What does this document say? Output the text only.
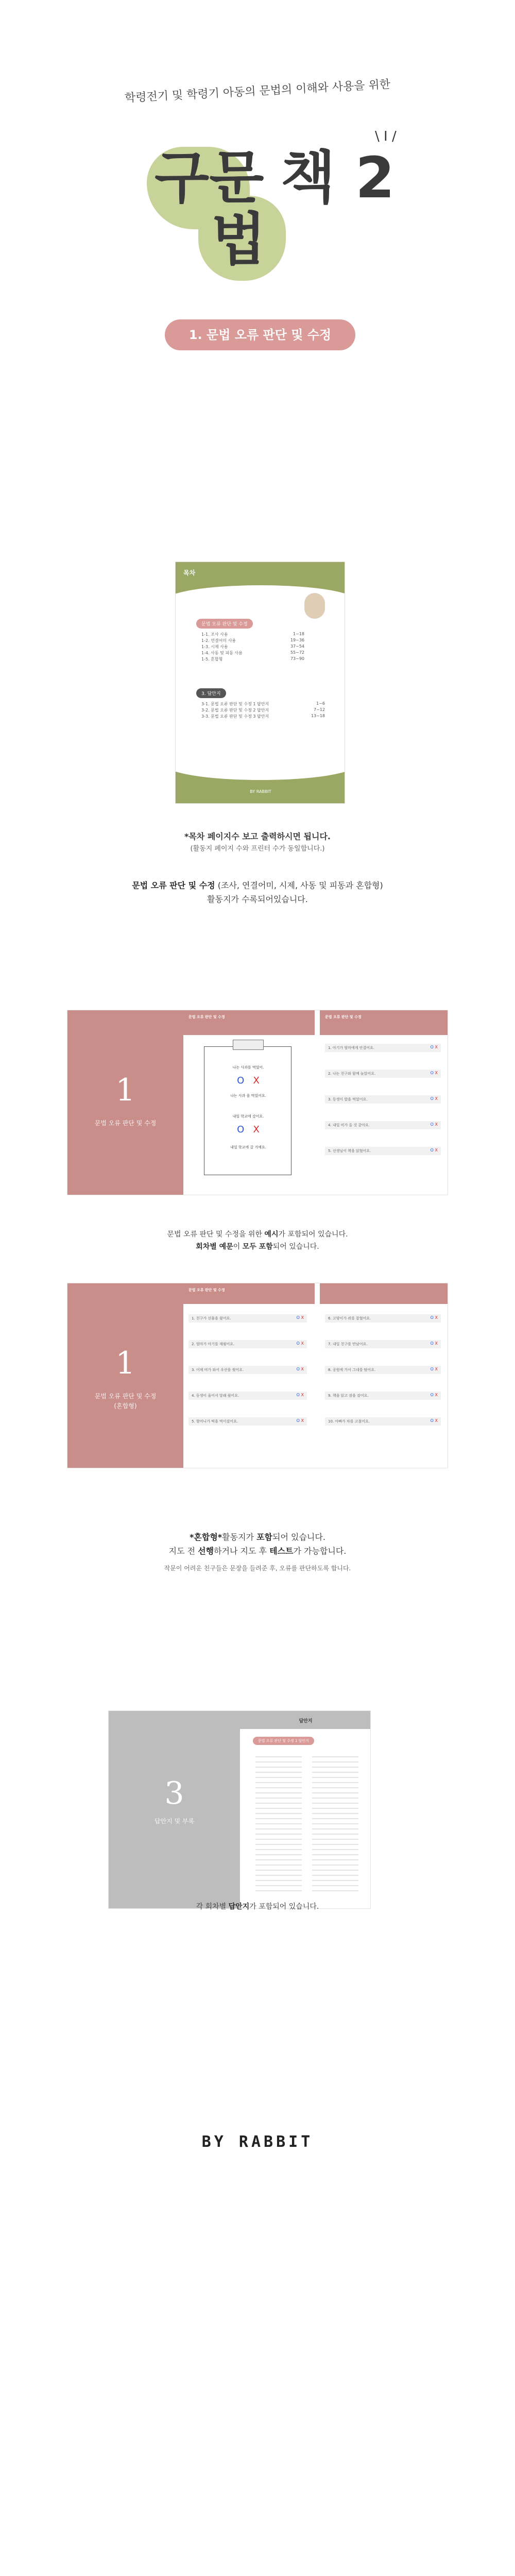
학령전기 및 학령기 아동의 문법의 이해와 사용을 위한
구문 책
법
2
\ I /
1. 문법 오류 판단 및 수정
목차
문법 오류 판단 및 수정
1-1. 조사 사용	1~18
1-2. 연결어미 사용	19~36
1-3. 시제 사용	37~54
1-4. 사동 및 피동 사용	55~72
1-5. 혼합형	73~90
3. 답안지
3-1. 문법 오류 판단 및 수정 1 답안지	1~6
3-2. 문법 오류 판단 및 수정 2 답안지	7~12
3-3. 문법 오류 판단 및 수정 3 답안지	13~18
BY RABBIT
*목차 페이지수 보고 출력하시면 됩니다.
(활동지 페이지 수와 프린터 수가 동일합니다.)
문법 오류 판단 및 수정 (조사, 연결어미, 시제, 사동 및 피동과 혼합형)
활동지가 수록되어있습니다.
1
문법 오류 판단 및 수정
문법 오류 판단 및 수정
나는 사과를 먹었어.
O X
나는 사과 을 먹었어요.
내일 학교에 갔어요.
O X
내일 학교에 갈 거예요.
문법 오류 판단 및 수정
1. 아기가 엄마에게 안겼어요.	O X
2. 나는 친구와 함께 놀았어요.	O X
3. 동생이 밥을 먹었어요.	O X
4. 내일 비가 올 것 같아요.	O X
5. 선생님이 책을 읽혔어요.	O X
문법 오류 판단 및 수정을 위한 예시가 포함되어 있습니다.
회차별 예문이 모두 포함되어 있습니다.
1
문법 오류 판단 및 수정
(혼합형)
문법 오류 판단 및 수정
1. 친구가 선물을 줬어요.	O X
2. 엄마가 아기를 재웠어요.	O X
3. 어제 비가 와서 우산을 썼어요.	O X
4. 동생이 울어서 달래 줬어요.	O X
5. 할머니가 떡을 먹이셨어요.	O X
6. 고양이가 쥐를 잡혔어요.	O X
7. 내일 친구를 만났어요.	O X
8. 공원에 가서 그네를 탔어요.	O X
9. 책을 읽고 잠을 잤어요.	O X
10. 아빠가 차를 고쳤어요.	O X
*혼합형*활동지가 포함되어 있습니다.
지도 전 선행하거나 지도 후 테스트가 가능합니다.
작문이 어려운 친구들은 문장을 들려준 후, 오류를 판단하도록 합니다.
3
답안지 및 부록
답안지
문법 오류 판단 및 수정 1 답안지
각 회차별 답안지가 포함되어 있습니다.
BY RABBIT
